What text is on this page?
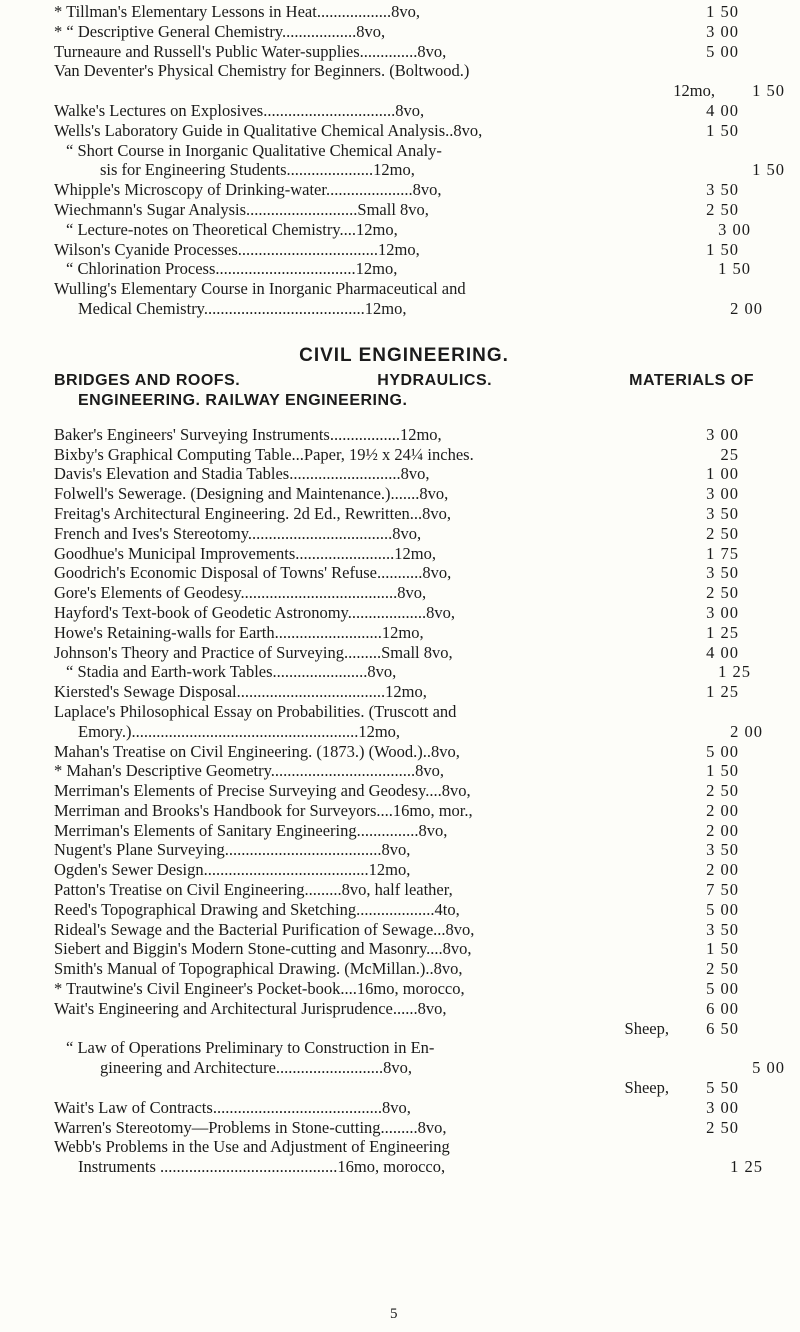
* Tillman's Elementary Lessons in Heat..................8vo,	1 50
* “ Descriptive General Chemistry..................8vo,	3 00
Turneaure and Russell's Public Water-supplies..............8vo,	5 00
Van Deventer's Physical Chemistry for Beginners. (Boltwood.)
12mo,	1 50
Walke's Lectures on Explosives................................8vo,	4 00
Wells's Laboratory Guide in Qualitative Chemical Analysis..8vo,	1 50
“ Short Course in Inorganic Qualitative Chemical Analy-
sis for Engineering Students.....................12mo,	1 50
Whipple's Microscopy of Drinking-water.....................8vo,	3 50
Wiechmann's Sugar Analysis...........................Small 8vo,	2 50
“ Lecture-notes on Theoretical Chemistry....12mo,	3 00
Wilson's Cyanide Processes..................................12mo,	1 50
“ Chlorination Process..................................12mo,	1 50
Wulling's Elementary Course in Inorganic Pharmaceutical and
Medical Chemistry.......................................12mo,	2 00
CIVIL ENGINEERING.
BRIDGES AND ROOFS.	HYDRAULICS.	MATERIALS OF
ENGINEERING. RAILWAY ENGINEERING.
Baker's Engineers' Surveying Instruments.................12mo,	3 00
Bixby's Graphical Computing Table...Paper, 19½ x 24¼ inches.	25
Davis's Elevation and Stadia Tables...........................8vo,	1 00
Folwell's Sewerage. (Designing and Maintenance.).......8vo,	3 00
Freitag's Architectural Engineering. 2d Ed., Rewritten...8vo,	3 50
French and Ives's Stereotomy...................................8vo,	2 50
Goodhue's Municipal Improvements........................12mo,	1 75
Goodrich's Economic Disposal of Towns' Refuse...........8vo,	3 50
Gore's Elements of Geodesy......................................8vo,	2 50
Hayford's Text-book of Geodetic Astronomy...................8vo,	3 00
Howe's Retaining-walls for Earth..........................12mo,	1 25
Johnson's Theory and Practice of Surveying.........Small 8vo,	4 00
“ Stadia and Earth-work Tables.......................8vo,	1 25
Kiersted's Sewage Disposal....................................12mo,	1 25
Laplace's Philosophical Essay on Probabilities. (Truscott and
Emory.).......................................................12mo,	2 00
Mahan's Treatise on Civil Engineering. (1873.) (Wood.)..8vo,	5 00
* Mahan's Descriptive Geometry...................................8vo,	1 50
Merriman's Elements of Precise Surveying and Geodesy....8vo,	2 50
Merriman and Brooks's Handbook for Surveyors....16mo, mor.,	2 00
Merriman's Elements of Sanitary Engineering...............8vo,	2 00
Nugent's Plane Surveying......................................8vo,	3 50
Ogden's Sewer Design........................................12mo,	2 00
Patton's Treatise on Civil Engineering.........8vo, half leather,	7 50
Reed's Topographical Drawing and Sketching...................4to,	5 00
Rideal's Sewage and the Bacterial Purification of Sewage...8vo,	3 50
Siebert and Biggin's Modern Stone-cutting and Masonry....8vo,	1 50
Smith's Manual of Topographical Drawing. (McMillan.)..8vo,	2 50
* Trautwine's Civil Engineer's Pocket-book....16mo, morocco,	5 00
Wait's Engineering and Architectural Jurisprudence......8vo,	6 00
Sheep,	6 50
“ Law of Operations Preliminary to Construction in En-
gineering and Architecture..........................8vo,	5 00
Sheep,	5 50
Wait's Law of Contracts.........................................8vo,	3 00
Warren's Stereotomy—Problems in Stone-cutting.........8vo,	2 50
Webb's Problems in the Use and Adjustment of Engineering
Instruments ...........................................16mo, morocco,	1 25
5
